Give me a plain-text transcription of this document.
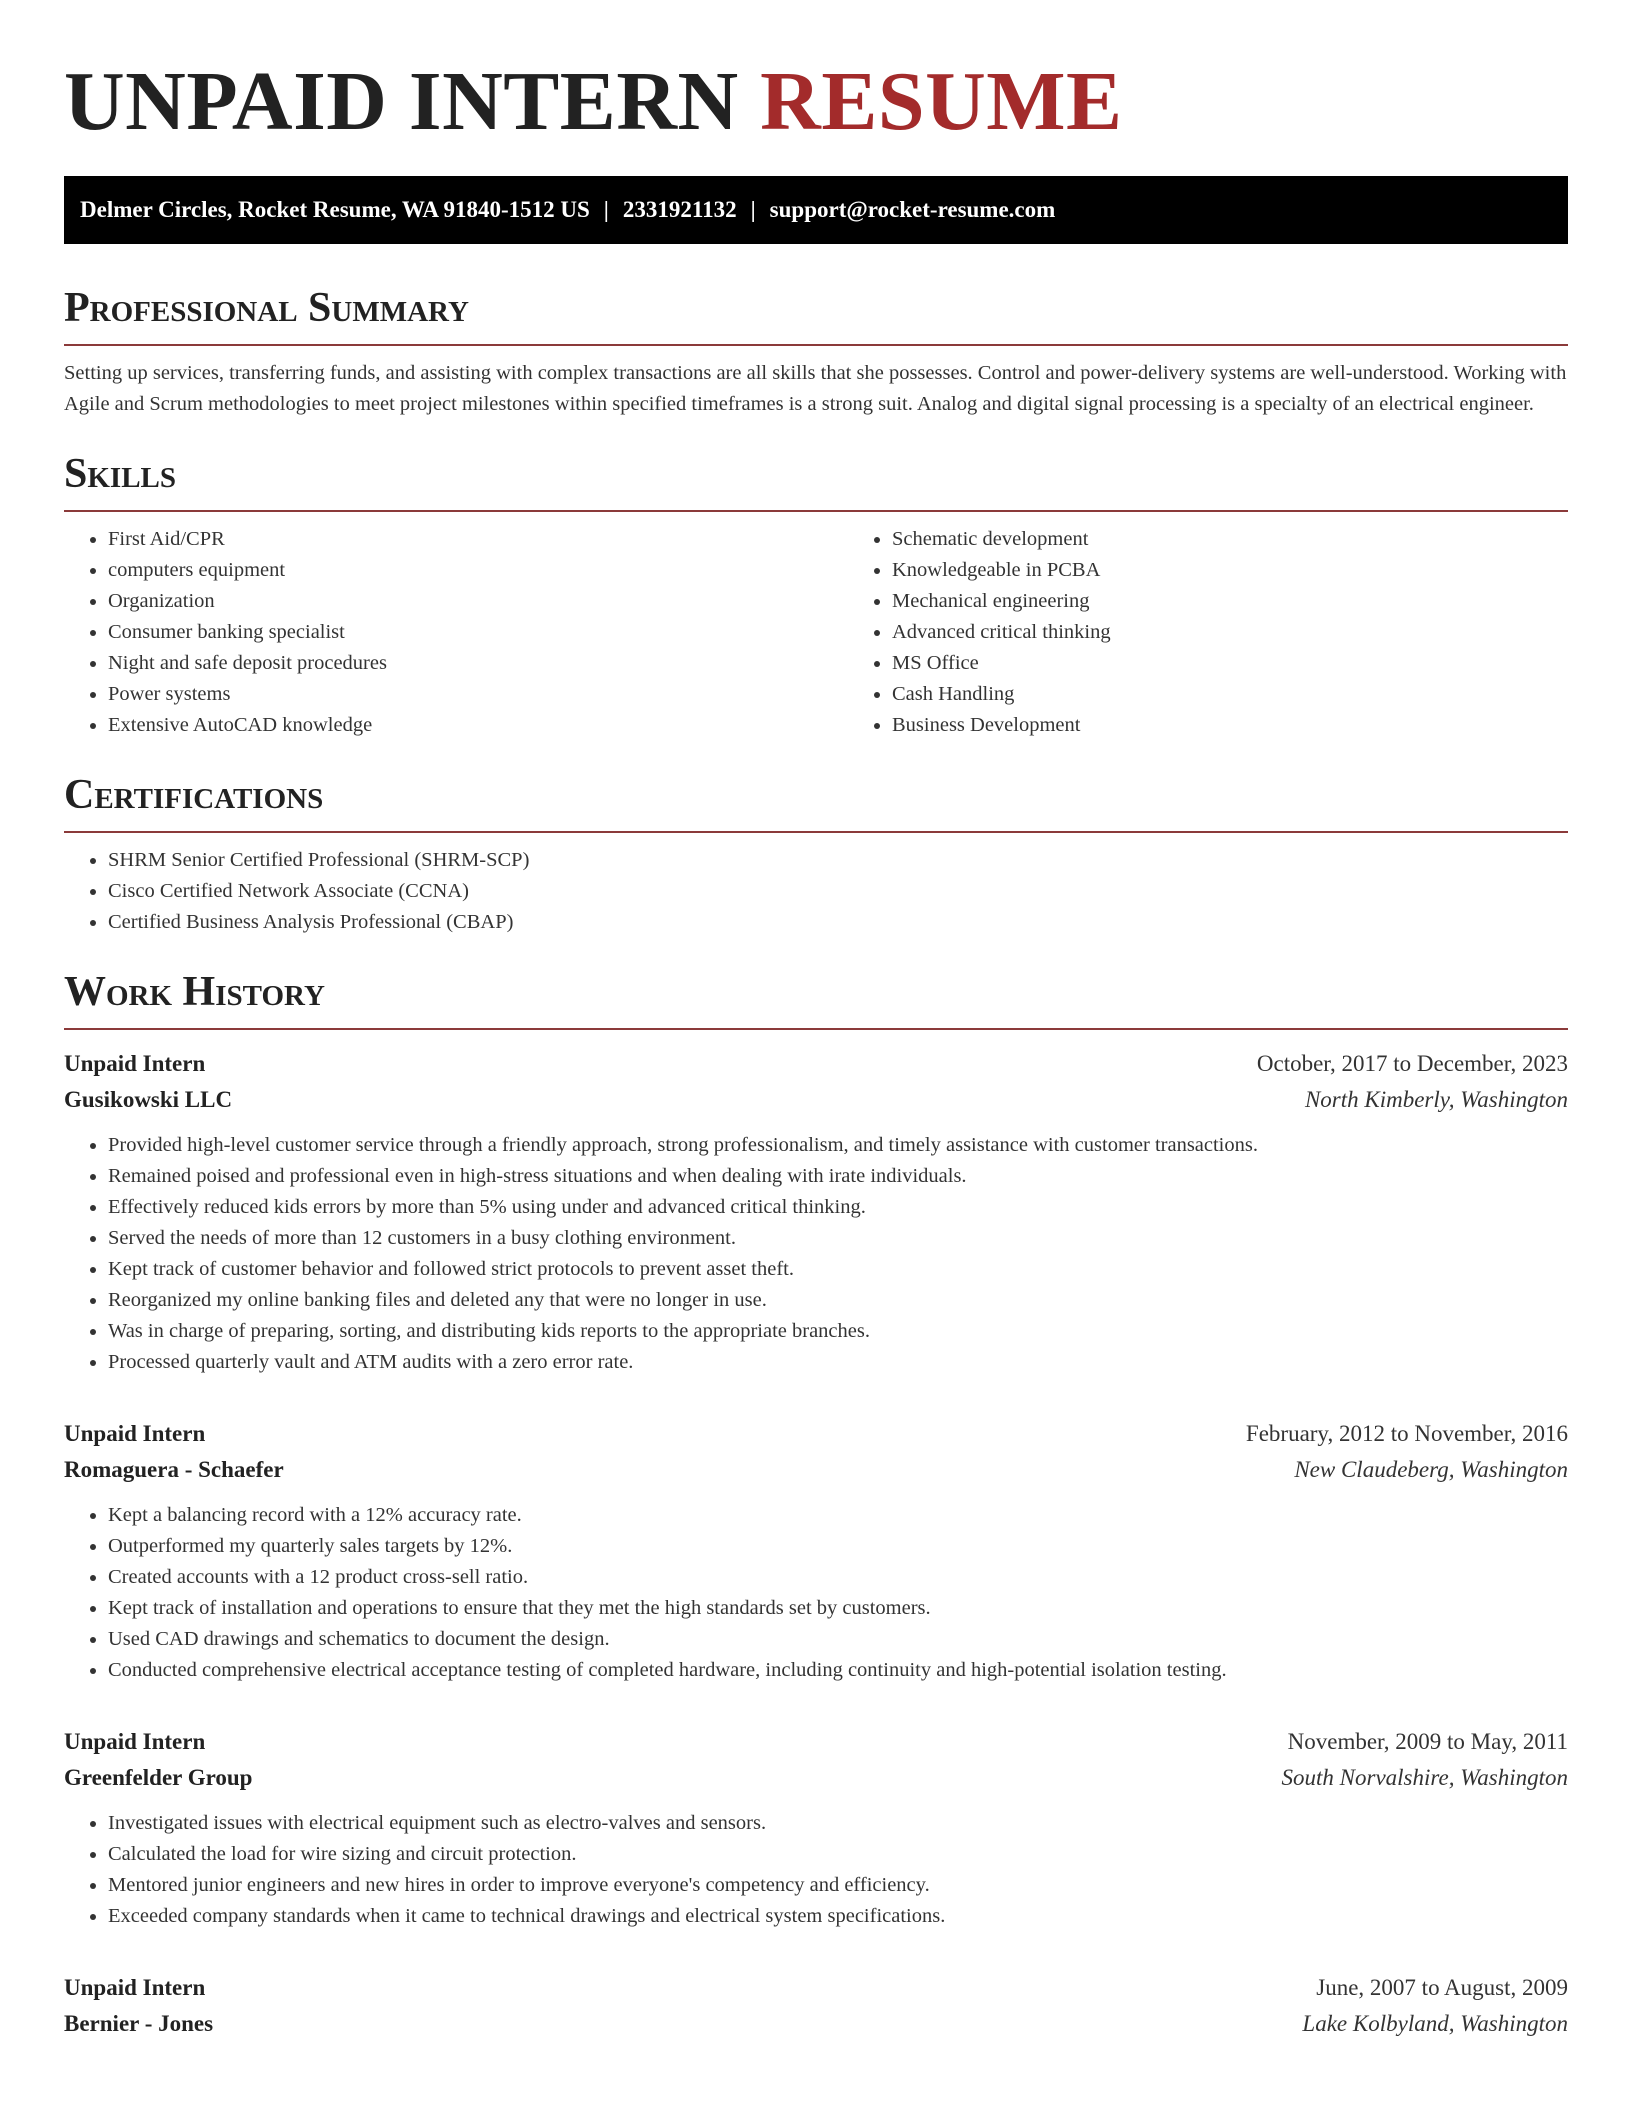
UNPAID INTERN RESUME
Delmer Circles, Rocket Resume, WA 91840-1512 US | 2331921132 | support@rocket-resume.com
Professional Summary

Setting up services, transferring funds, and assisting with complex transactions are all skills that she possesses. Control and power-delivery systems are well-understood. Working with Agile and Scrum methodologies to meet project milestones within specified timeframes is a strong suit. Analog and digital signal processing is a specialty of an electrical engineer.

Skills
• First Aid/CPR
• computers equipment
• Organization
• Consumer banking specialist
• Night and safe deposit procedures
• Power systems
• Extensive AutoCAD knowledge
• Schematic development
• Knowledgeable in PCBA
• Mechanical engineering
• Advanced critical thinking
• MS Office
• Cash Handling
• Business Development
Certifications
• SHRM Senior Certified Professional (SHRM-SCP)
• Cisco Certified Network Associate (CCNA)
• Certified Business Analysis Professional (CBAP)
Work History
Unpaid Intern	October, 2017 to December, 2023
Gusikowski LLC	North Kimberly, Washington
• Provided high-level customer service through a friendly approach, strong professionalism, and timely assistance with customer transactions.
• Remained poised and professional even in high-stress situations and when dealing with irate individuals.
• Effectively reduced kids errors by more than 5% using under and advanced critical thinking.
• Served the needs of more than 12 customers in a busy clothing environment.
• Kept track of customer behavior and followed strict protocols to prevent asset theft.
• Reorganized my online banking files and deleted any that were no longer in use.
• Was in charge of preparing, sorting, and distributing kids reports to the appropriate branches.
• Processed quarterly vault and ATM audits with a zero error rate.
Unpaid Intern	February, 2012 to November, 2016
Romaguera - Schaefer	New Claudeberg, Washington
• Kept a balancing record with a 12% accuracy rate.
• Outperformed my quarterly sales targets by 12%.
• Created accounts with a 12 product cross-sell ratio.
• Kept track of installation and operations to ensure that they met the high standards set by customers.
• Used CAD drawings and schematics to document the design.
• Conducted comprehensive electrical acceptance testing of completed hardware, including continuity and high-potential isolation testing.
Unpaid Intern	November, 2009 to May, 2011
Greenfelder Group	South Norvalshire, Washington
• Investigated issues with electrical equipment such as electro-valves and sensors.
• Calculated the load for wire sizing and circuit protection.
• Mentored junior engineers and new hires in order to improve everyone's competency and efficiency.
• Exceeded company standards when it came to technical drawings and electrical system specifications.
Unpaid Intern	June, 2007 to August, 2009
Bernier - Jones	Lake Kolbyland, Washington
